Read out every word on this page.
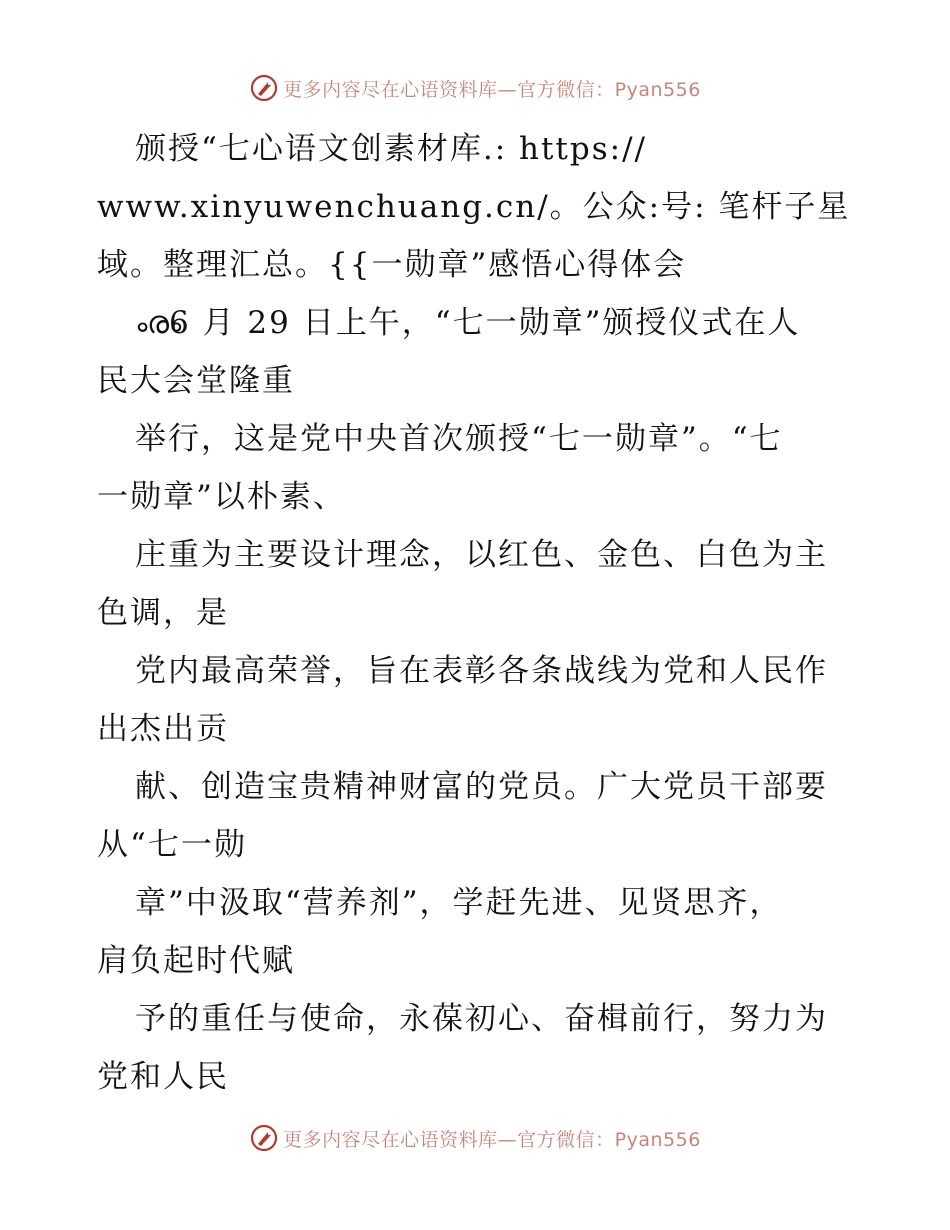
更多内容尽在心语资料库—官方微信：Pyan556
颁授“七心语文创素材库.: https://
www.xinyuwenchuang.cn/。公众:号: 笔杆子星
域。整理汇总。{{一勋章”感悟心得体会
ൟ6 月 29 日上午，“七一勋章”颁授仪式在人
民大会堂隆重
举行，这是党中央首次颁授“七一勋章”。“七
一勋章”以朴素、
庄重为主要设计理念，以红色、金色、白色为主
色调，是
党内最高荣誉，旨在表彰各条战线为党和人民作
出杰出贡
献、创造宝贵精神财富的党员。广大党员干部要
从“七一勋
章”中汲取“营养剂”，学赶先进、见贤思齐，
肩负起时代赋
予的重任与使命，永葆初心、奋楫前行，努力为
党和人民
更多内容尽在心语资料库—官方微信：Pyan556
